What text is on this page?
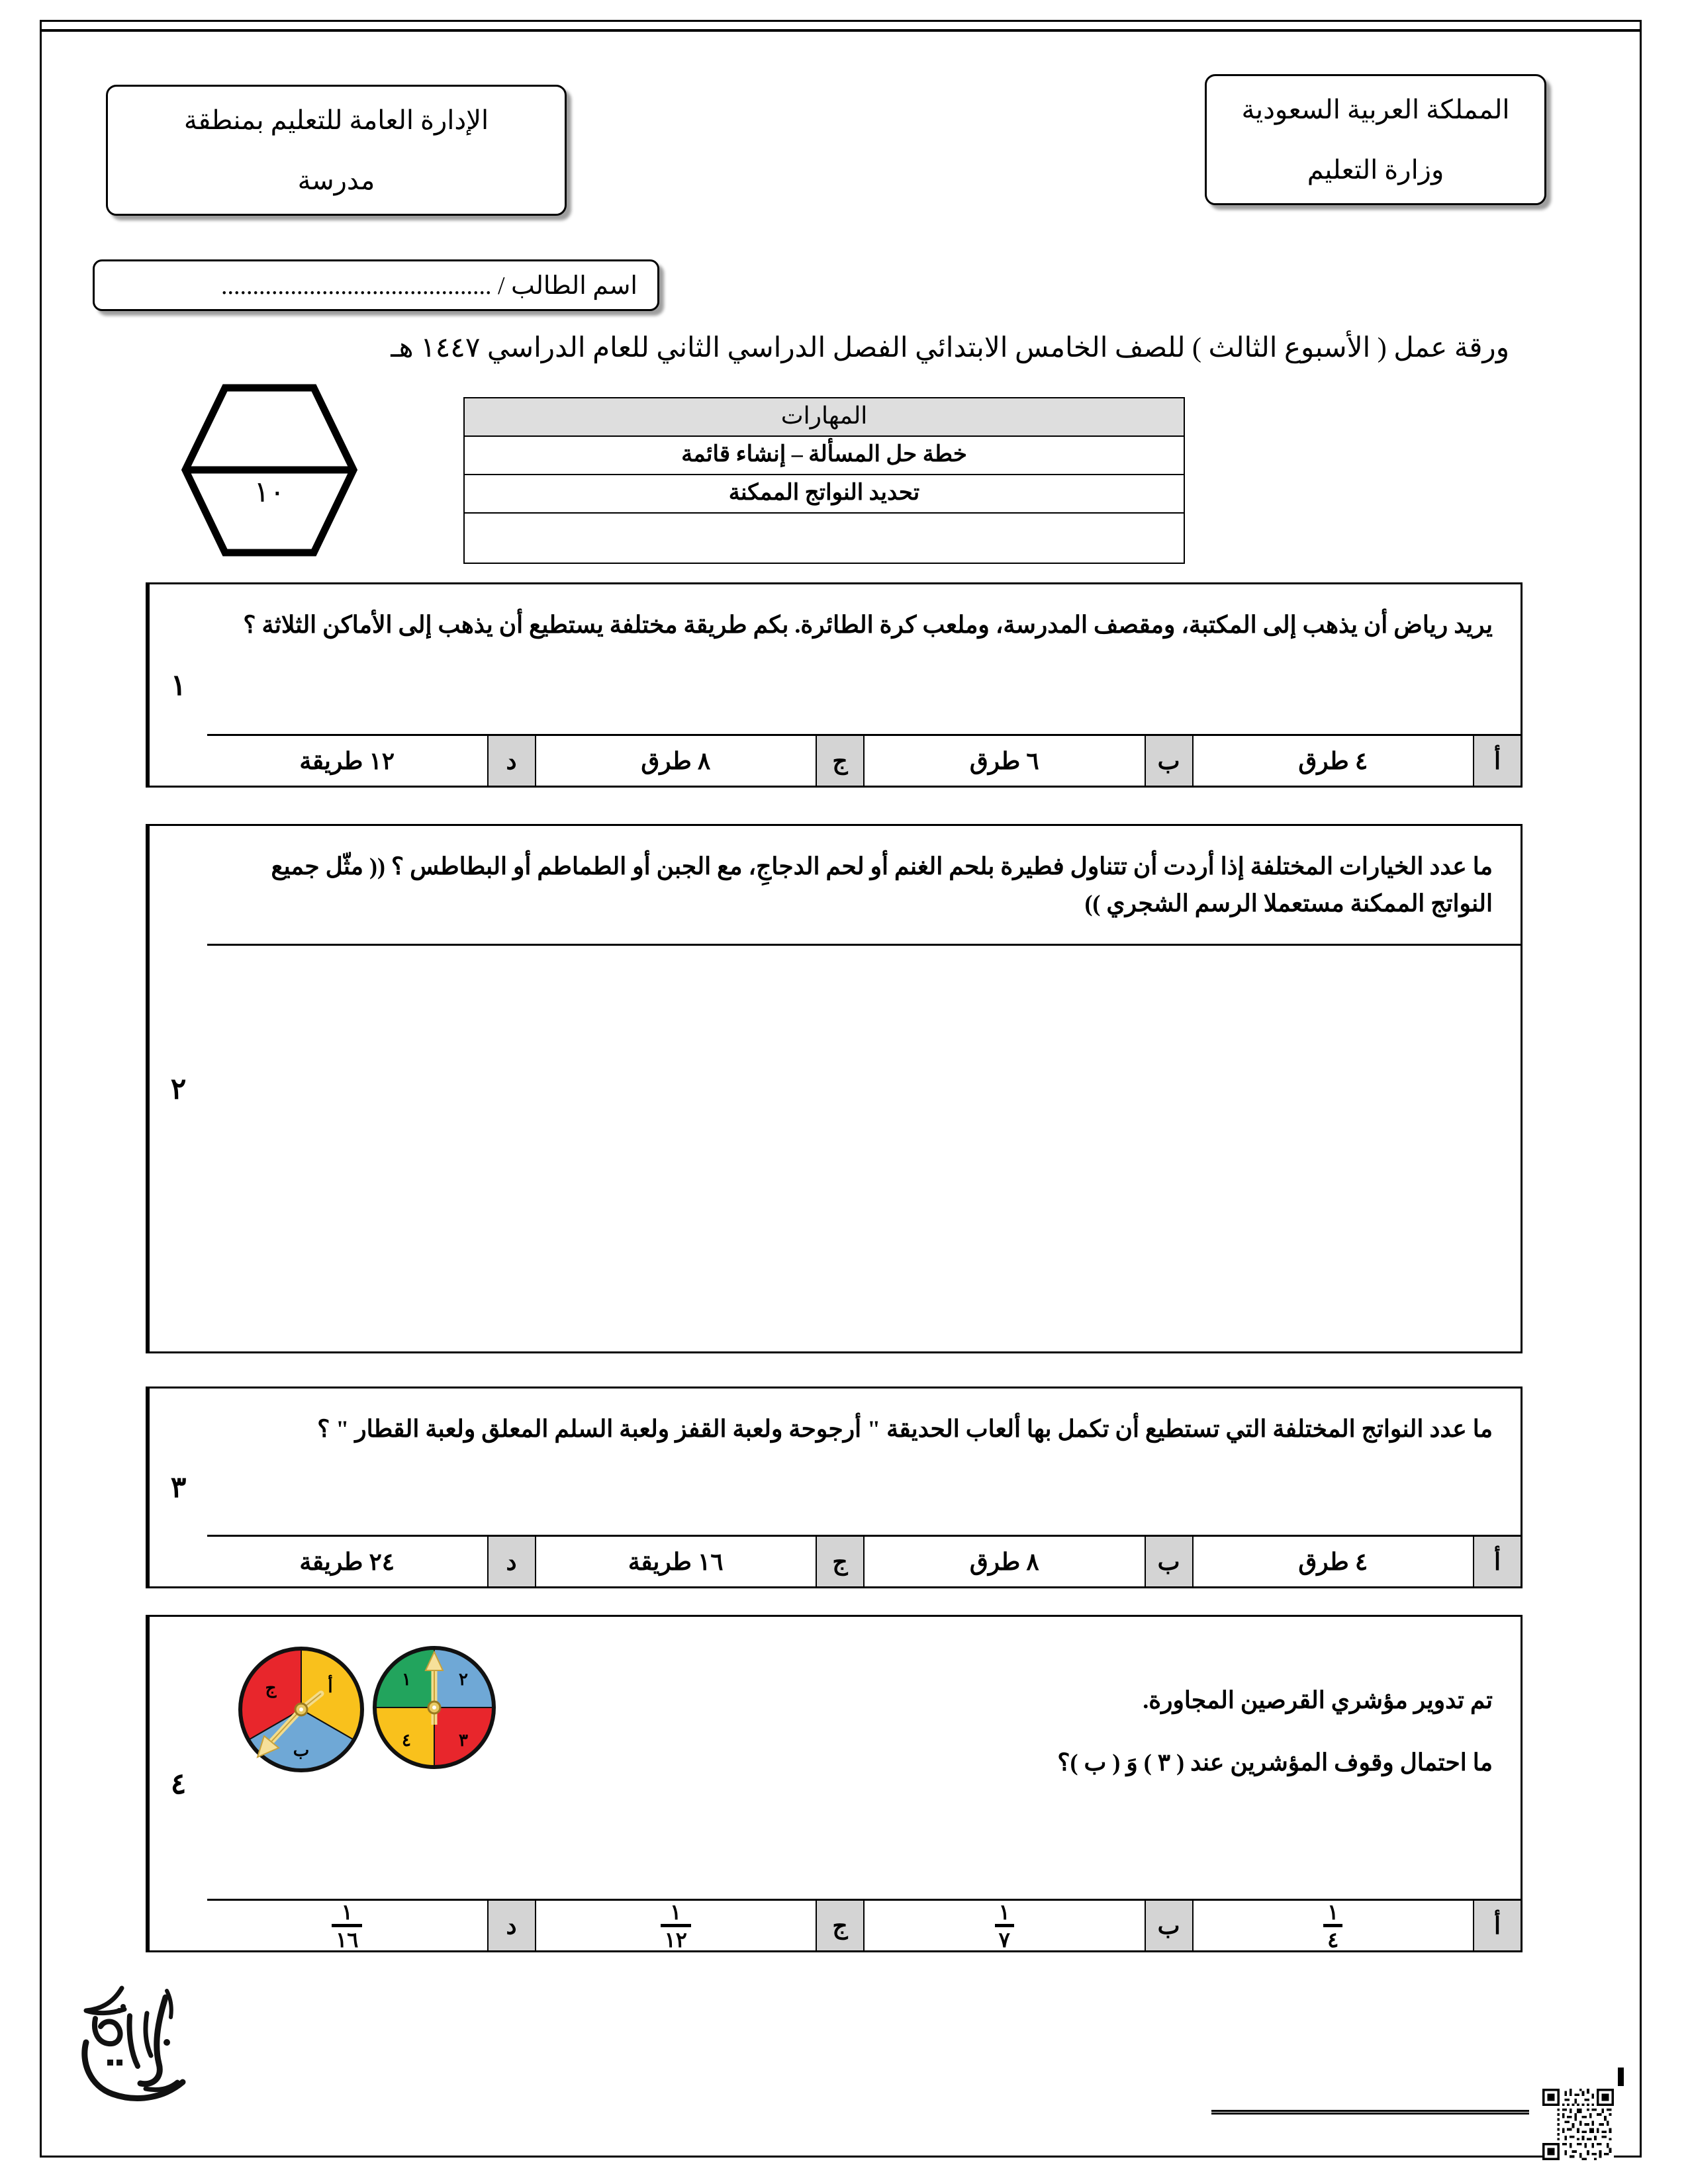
المملكة العربية السعودية
وزارة التعليم
الإدارة العامة للتعليم بمنطقة
مدرسة
اسم الطالب / ...........................................
ورقة عمل ( الأسبوع الثالث ) للصف الخامس الابتدائي الفصل الدراسي الثاني للعام الدراسي ١٤٤٧ هـ
١٠
المهارات
خطة حل المسألة – إنشاء قائمة
تحديد النواتج الممكنة

١
يريد رياض أن يذهب إلى المكتبة، ومقصف المدرسة، وملعب كرة الطائرة. بكم طريقة مختلفة يستطيع أن يذهب إلى الأماكن الثلاثة ؟
أ
٤ طرق
ب
٦ طرق
ج
٨ طرق
د
١٢ طريقة
٢
ما عدد الخيارات المختلفة إذا أردت أن تتناول فطيرة بلحم الغنم أو لحم الدجاجِ، مع الجبن أو الطماطم أو البطاطس ؟ (( مثّل جميع النواتج الممكنة مستعملا الرسم الشجري ))
٣
ما عدد النواتج المختلفة التي تستطيع أن تكمل بها ألعاب الحديقة " أرجوحة ولعبة القفز ولعبة السلم المعلق ولعبة القطار " ؟
أ
٤ طرق
ب
٨ طرق
ج
١٦ طريقة
د
٢٤ طريقة
٤
تم تدوير مؤشري القرصين المجاورة.
ما احتمال وقوف المؤشرين عند ( ٣ ) وَ ( ب )؟
أ
ب
ج	١	٢
٣
٤
أ
$\frac{١}{٤}$
ب
$\frac{١}{٧}$
ج
$\frac{١}{١٢}$
د
$\frac{١}{١٦}$
